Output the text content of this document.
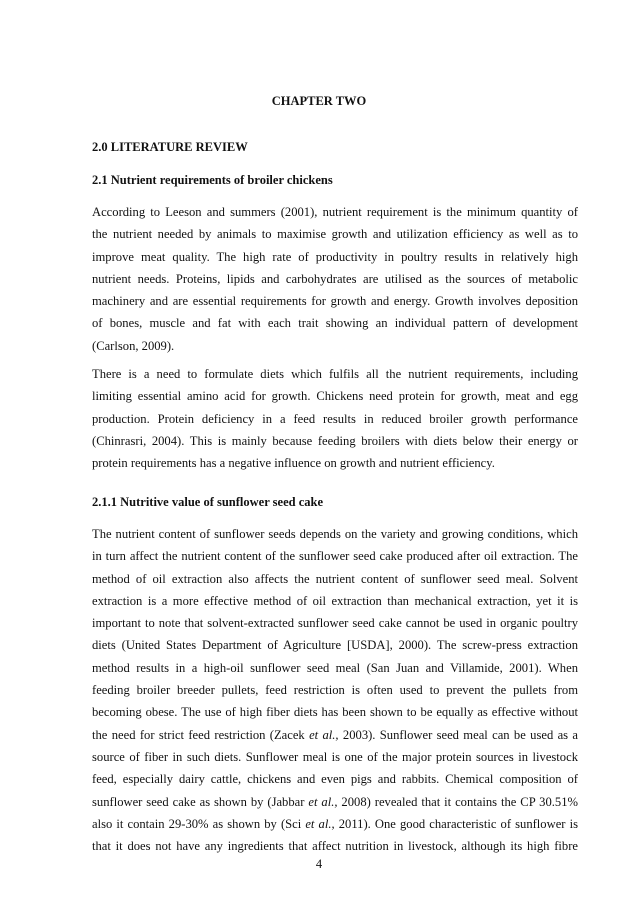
CHAPTER TWO
2.0 LITERATURE REVIEW
2.1 Nutrient requirements of broiler chickens
According to Leeson and summers (2001), nutrient requirement is the minimum quantity of
the nutrient needed by animals to maximise growth and utilization efficiency as well as to
improve meat quality. The high rate of productivity in poultry results in relatively high
nutrient needs. Proteins, lipids and carbohydrates are utilised as the sources of metabolic
machinery and are essential requirements for growth and energy. Growth involves deposition
of bones, muscle and fat with each trait showing an individual pattern of development
(Carlson, 2009).
There is a need to formulate diets which fulfils all the nutrient requirements, including
limiting essential amino acid for growth. Chickens need protein for growth, meat and egg
production. Protein deficiency in a feed results in reduced broiler growth performance
(Chinrasri, 2004). This is mainly because feeding broilers with diets below their energy or
protein requirements has a negative influence on growth and nutrient efficiency.
2.1.1 Nutritive value of sunflower seed cake
The nutrient content of sunflower seeds depends on the variety and growing conditions, which
in turn affect the nutrient content of the sunflower seed cake produced after oil extraction. The
method of oil extraction also affects the nutrient content of sunflower seed meal. Solvent
extraction is a more effective method of oil extraction than mechanical extraction, yet it is
important to note that solvent-extracted sunflower seed cake cannot be used in organic poultry
diets (United States Department of Agriculture [USDA], 2000). The screw-press extraction
method results in a high-oil sunflower seed meal (San Juan and Villamide, 2001). When
feeding broiler breeder pullets, feed restriction is often used to prevent the pullets from
becoming obese. The use of high fiber diets has been shown to be equally as effective without
the need for strict feed restriction (Zacek et al., 2003). Sunflower seed meal can be used as a
source of fiber in such diets. Sunflower meal is one of the major protein sources in livestock
feed, especially dairy cattle, chickens and even pigs and rabbits. Chemical composition of
sunflower seed cake as shown by (Jabbar et al., 2008) revealed that it contains the CP 30.51%
also it contain 29-30% as shown by (Sci et al., 2011). One good characteristic of sunflower is
that it does not have any ingredients that affect nutrition in livestock, although its high fibre
4
